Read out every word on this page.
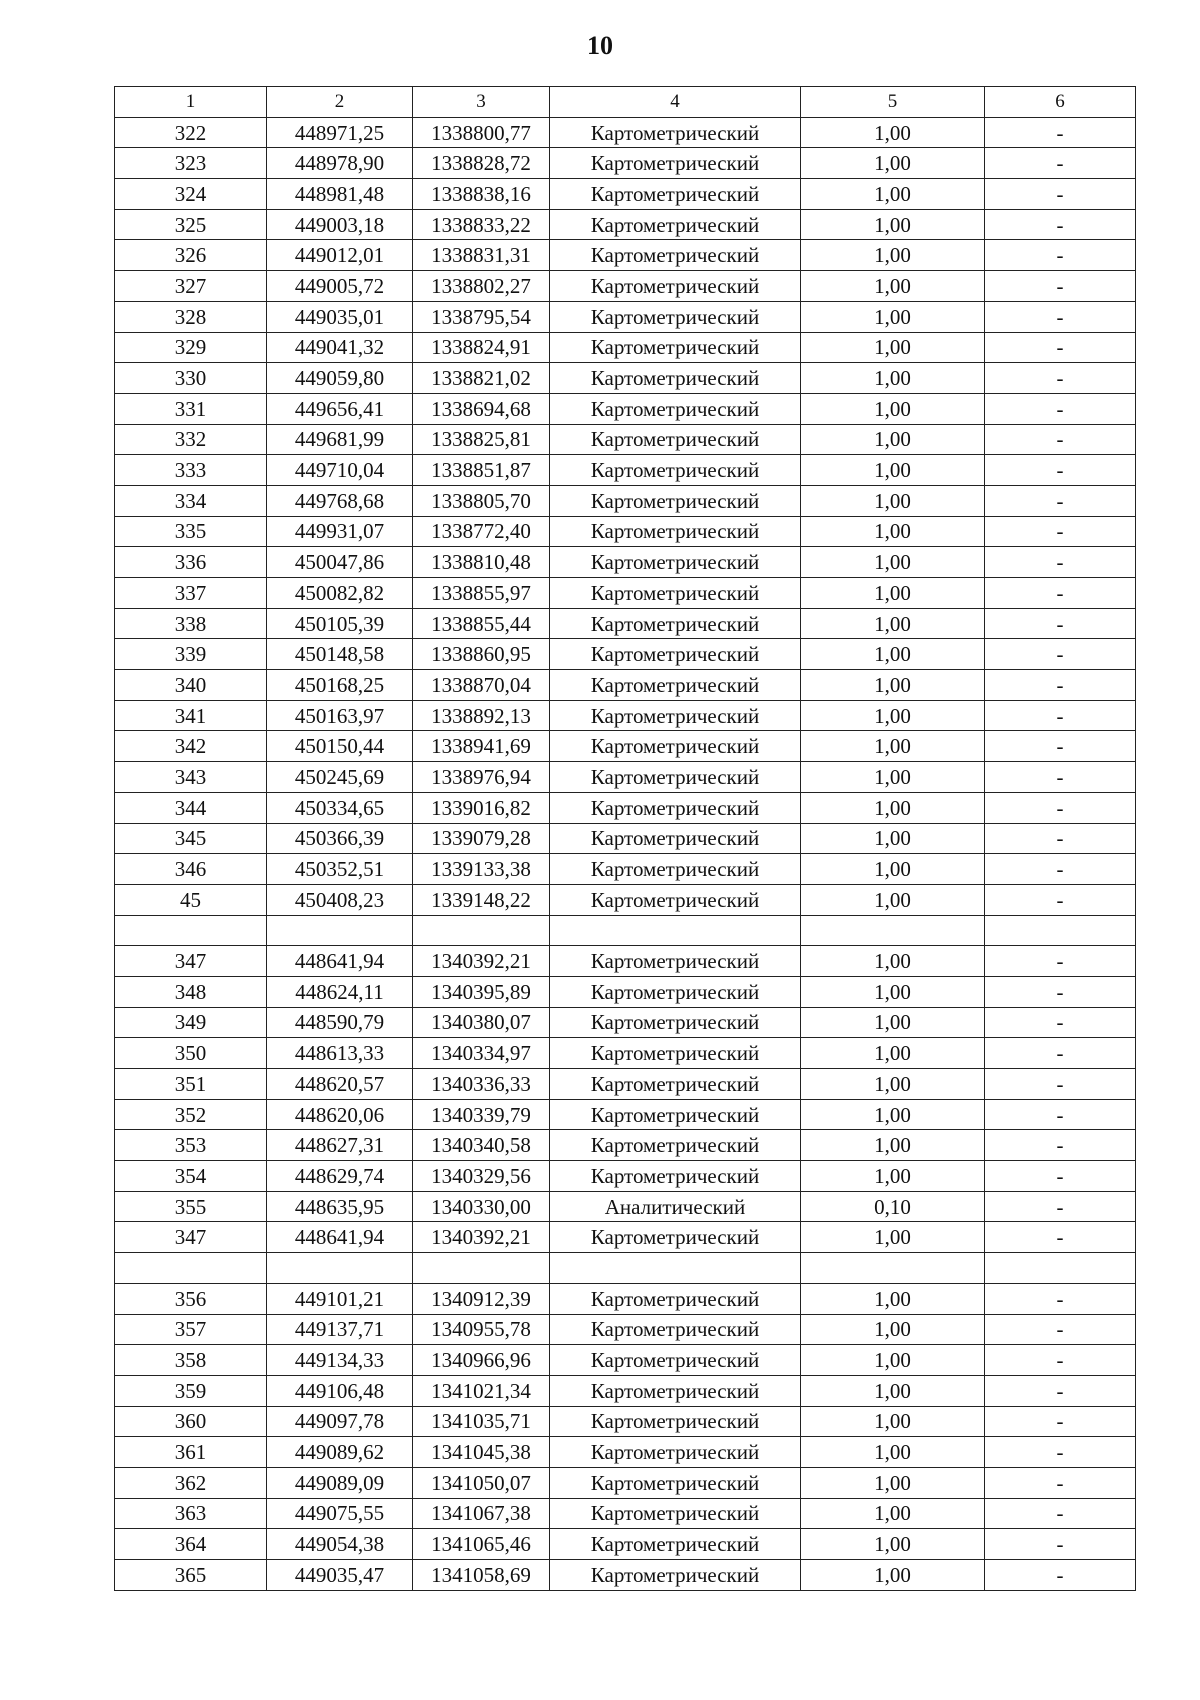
10
1	2	3	4	5	6
322	448971,25	1338800,77	Картометрический	1,00	-
323	448978,90	1338828,72	Картометрический	1,00	-
324	448981,48	1338838,16	Картометрический	1,00	-
325	449003,18	1338833,22	Картометрический	1,00	-
326	449012,01	1338831,31	Картометрический	1,00	-
327	449005,72	1338802,27	Картометрический	1,00	-
328	449035,01	1338795,54	Картометрический	1,00	-
329	449041,32	1338824,91	Картометрический	1,00	-
330	449059,80	1338821,02	Картометрический	1,00	-
331	449656,41	1338694,68	Картометрический	1,00	-
332	449681,99	1338825,81	Картометрический	1,00	-
333	449710,04	1338851,87	Картометрический	1,00	-
334	449768,68	1338805,70	Картометрический	1,00	-
335	449931,07	1338772,40	Картометрический	1,00	-
336	450047,86	1338810,48	Картометрический	1,00	-
337	450082,82	1338855,97	Картометрический	1,00	-
338	450105,39	1338855,44	Картометрический	1,00	-
339	450148,58	1338860,95	Картометрический	1,00	-
340	450168,25	1338870,04	Картометрический	1,00	-
341	450163,97	1338892,13	Картометрический	1,00	-
342	450150,44	1338941,69	Картометрический	1,00	-
343	450245,69	1338976,94	Картометрический	1,00	-
344	450334,65	1339016,82	Картометрический	1,00	-
345	450366,39	1339079,28	Картометрический	1,00	-
346	450352,51	1339133,38	Картометрический	1,00	-
45	450408,23	1339148,22	Картометрический	1,00	-

347	448641,94	1340392,21	Картометрический	1,00	-
348	448624,11	1340395,89	Картометрический	1,00	-
349	448590,79	1340380,07	Картометрический	1,00	-
350	448613,33	1340334,97	Картометрический	1,00	-
351	448620,57	1340336,33	Картометрический	1,00	-
352	448620,06	1340339,79	Картометрический	1,00	-
353	448627,31	1340340,58	Картометрический	1,00	-
354	448629,74	1340329,56	Картометрический	1,00	-
355	448635,95	1340330,00	Аналитический	0,10	-
347	448641,94	1340392,21	Картометрический	1,00	-

356	449101,21	1340912,39	Картометрический	1,00	-
357	449137,71	1340955,78	Картометрический	1,00	-
358	449134,33	1340966,96	Картометрический	1,00	-
359	449106,48	1341021,34	Картометрический	1,00	-
360	449097,78	1341035,71	Картометрический	1,00	-
361	449089,62	1341045,38	Картометрический	1,00	-
362	449089,09	1341050,07	Картометрический	1,00	-
363	449075,55	1341067,38	Картометрический	1,00	-
364	449054,38	1341065,46	Картометрический	1,00	-
365	449035,47	1341058,69	Картометрический	1,00	-
